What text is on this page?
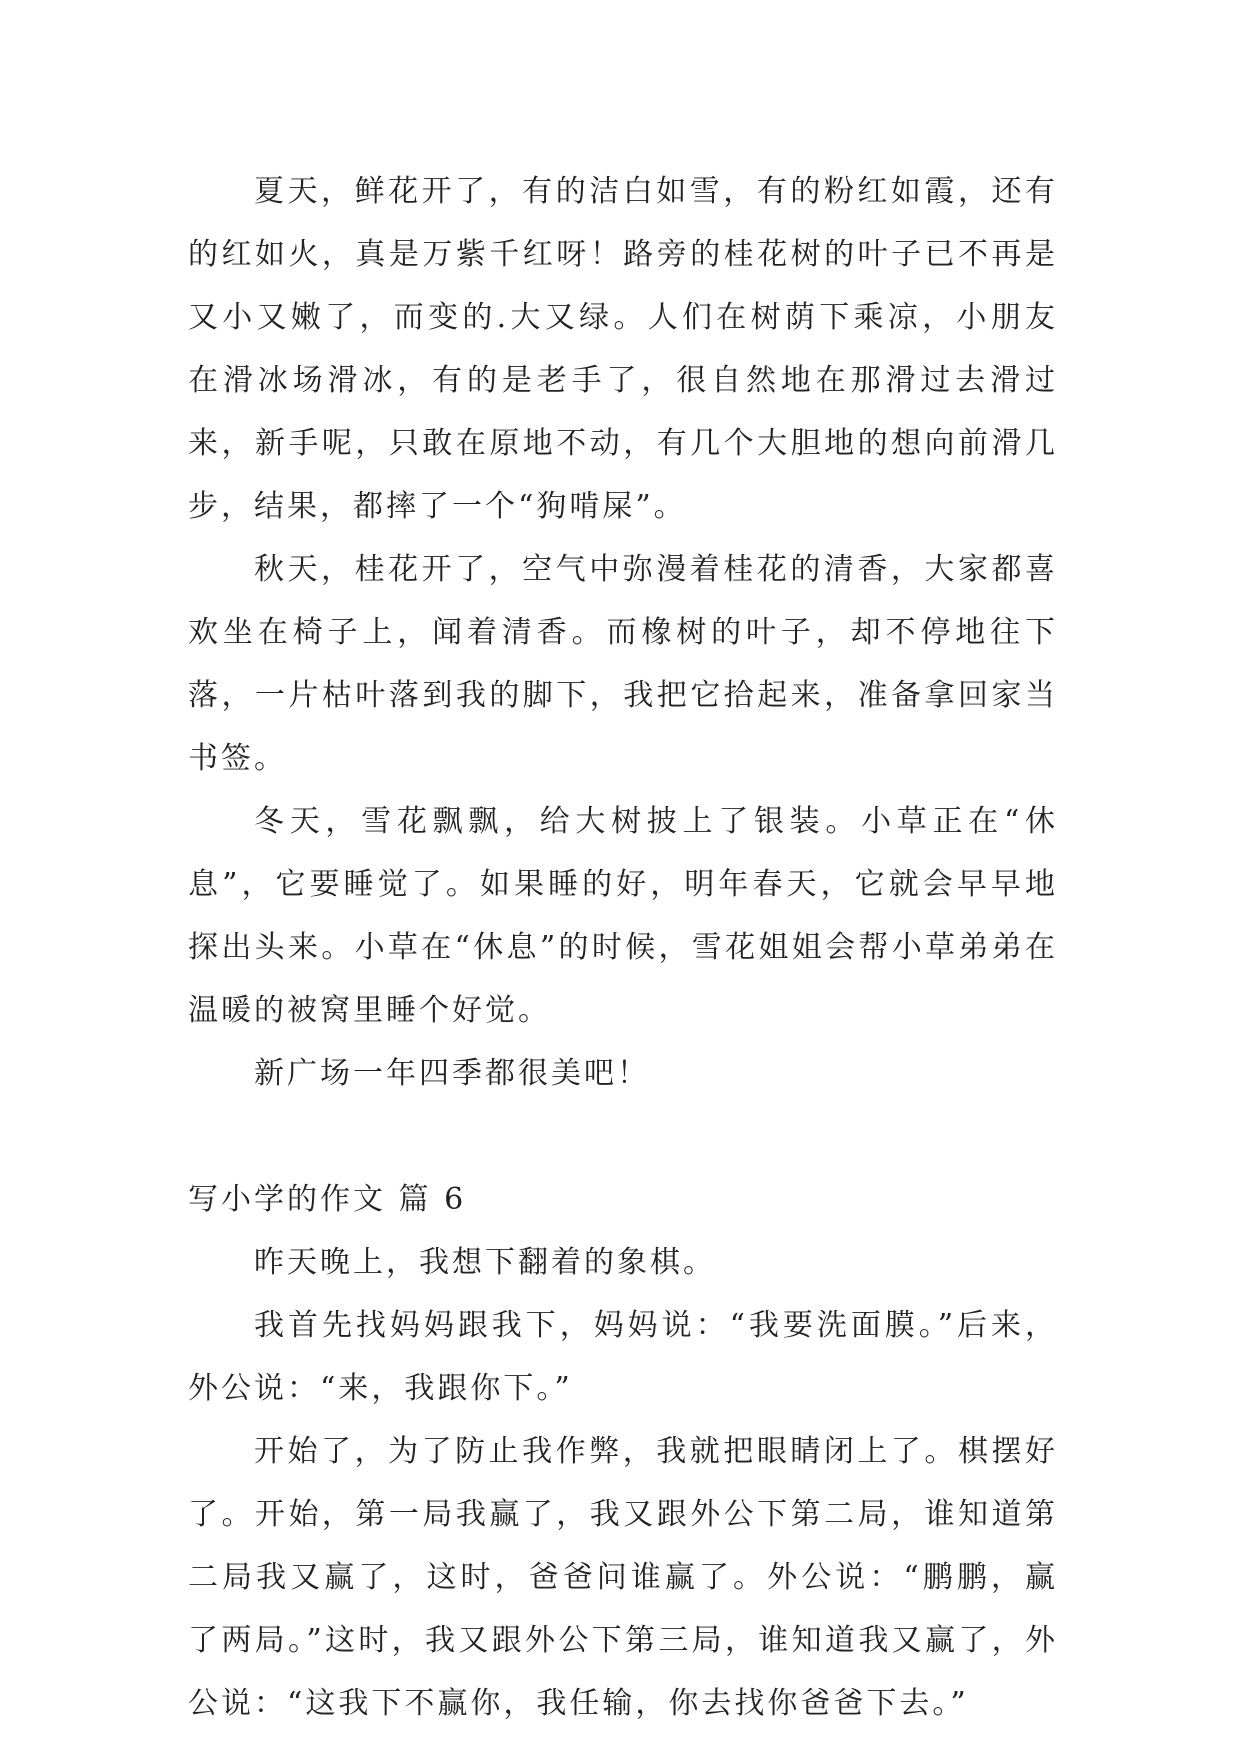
夏天，鲜花开了，有的洁白如雪，有的粉红如霞，还有的红如火，真是万紫千红呀！路旁的桂花树的叶子已不再是又小又嫩了，而变的.大又绿。人们在树荫下乘凉，小朋友在滑冰场滑冰，有的是老手了，很自然地在那滑过去滑过来，新手呢，只敢在原地不动，有几个大胆地的想向前滑几步，结果，都摔了一个“狗啃屎”。

秋天，桂花开了，空气中弥漫着桂花的清香，大家都喜欢坐在椅子上，闻着清香。而橡树的叶子，却不停地往下落，一片枯叶落到我的脚下，我把它拾起来，准备拿回家当书签。

冬天，雪花飘飘，给大树披上了银装。小草正在“休息”，它要睡觉了。如果睡的好，明年春天，它就会早早地探出头来。小草在“休息”的时候，雪花姐姐会帮小草弟弟在温暖的被窝里睡个好觉。

新广场一年四季都很美吧！

写小学的作文 篇 6

昨天晚上，我想下翻着的象棋。

我首先找妈妈跟我下，妈妈说：“我要洗面膜。”后来，外公说：“来，我跟你下。”

开始了，为了防止我作弊，我就把眼睛闭上了。棋摆好了。开始，第一局我赢了，我又跟外公下第二局，谁知道第二局我又赢了，这时，爸爸问谁赢了。外公说：“鹏鹏，赢了两局。”这时，我又跟外公下第三局，谁知道我又赢了，外公说：“这我下不赢你，我任输，你去找你爸爸下去。”
